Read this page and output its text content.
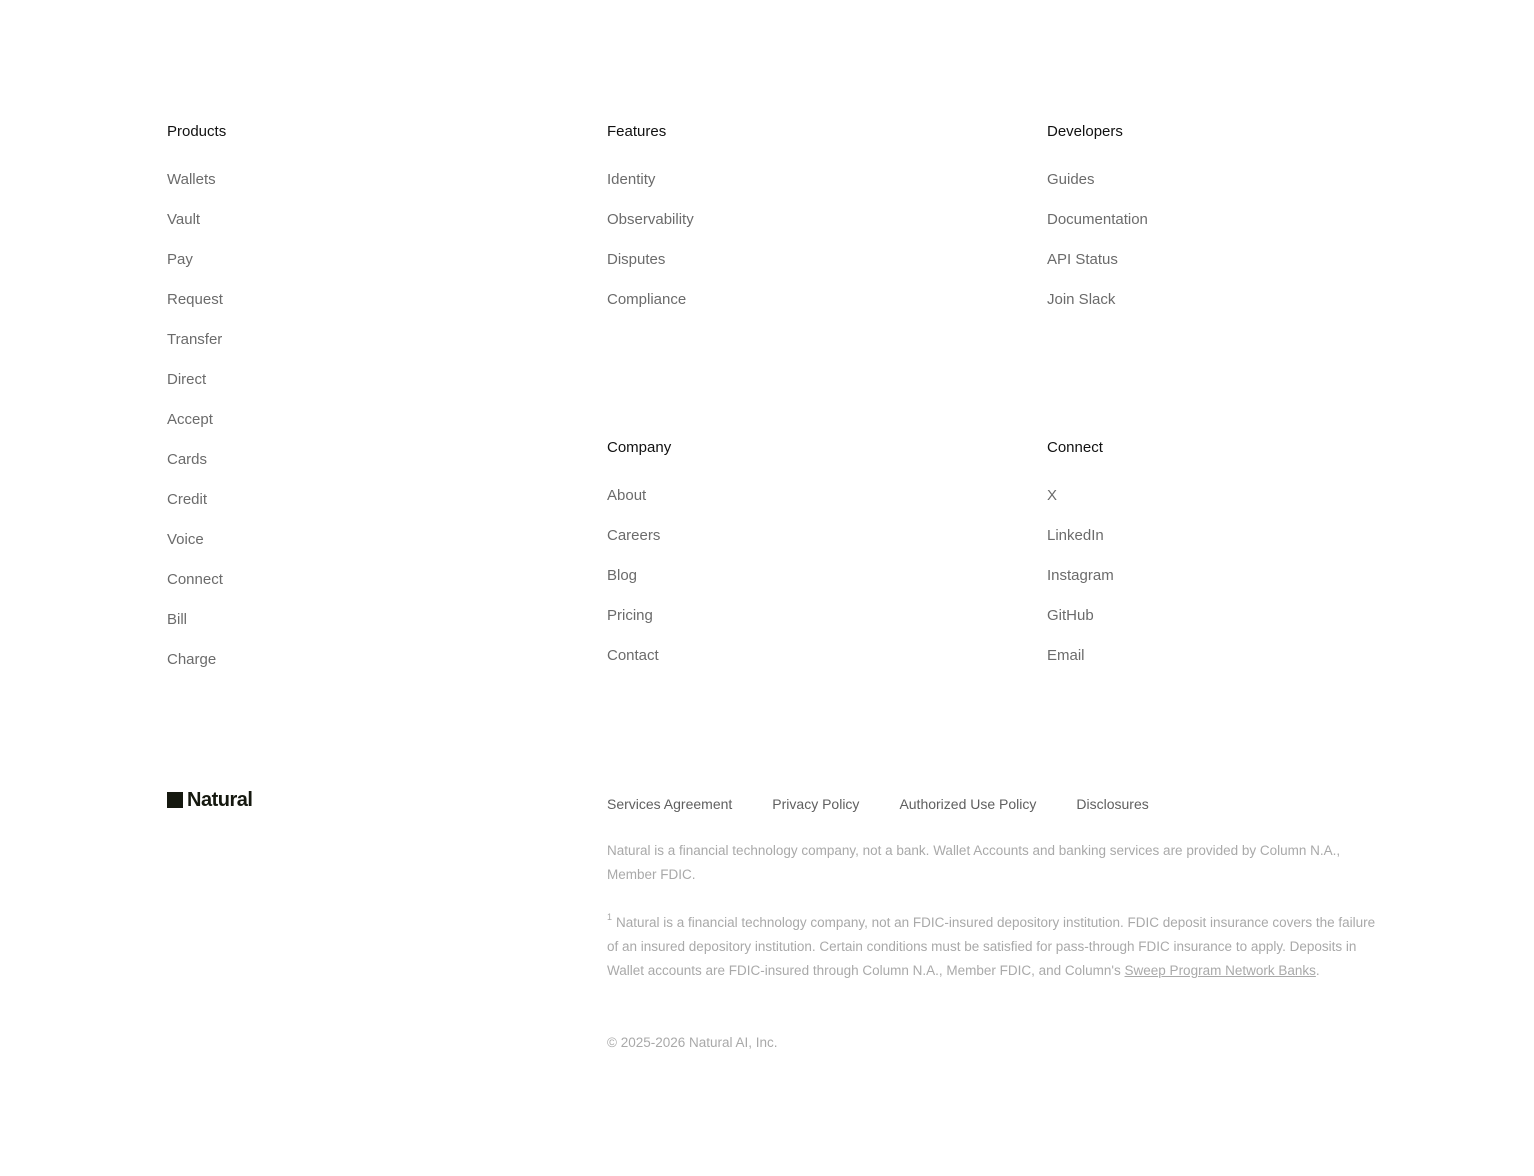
Products
Wallets
Vault
Pay
Request
Transfer
Direct
Accept
Cards
Credit
Voice
Connect
Bill
Charge
Features
Identity
Observability
Disputes
Compliance
Developers
Guides
Documentation
API Status
Join Slack
Company
About
Careers
Blog
Pricing
Contact
Connect
X
LinkedIn
Instagram
GitHub
Email
Natural	Services Agreement	Privacy Policy	Authorized Use Policy	Disclosures

Natural is a financial technology company, not a bank. Wallet Accounts and banking services are provided by Column N.A., Member FDIC.

$^1$ Natural is a financial technology company, not an FDIC-insured depository institution. FDIC deposit insurance covers the failure of an insured depository institution. Certain conditions must be satisfied for pass-through FDIC insurance to apply. Deposits in Wallet accounts are FDIC-insured through Column N.A., Member FDIC, and Column's Sweep Program Network Banks.

© 2025-2026 Natural AI, Inc.
